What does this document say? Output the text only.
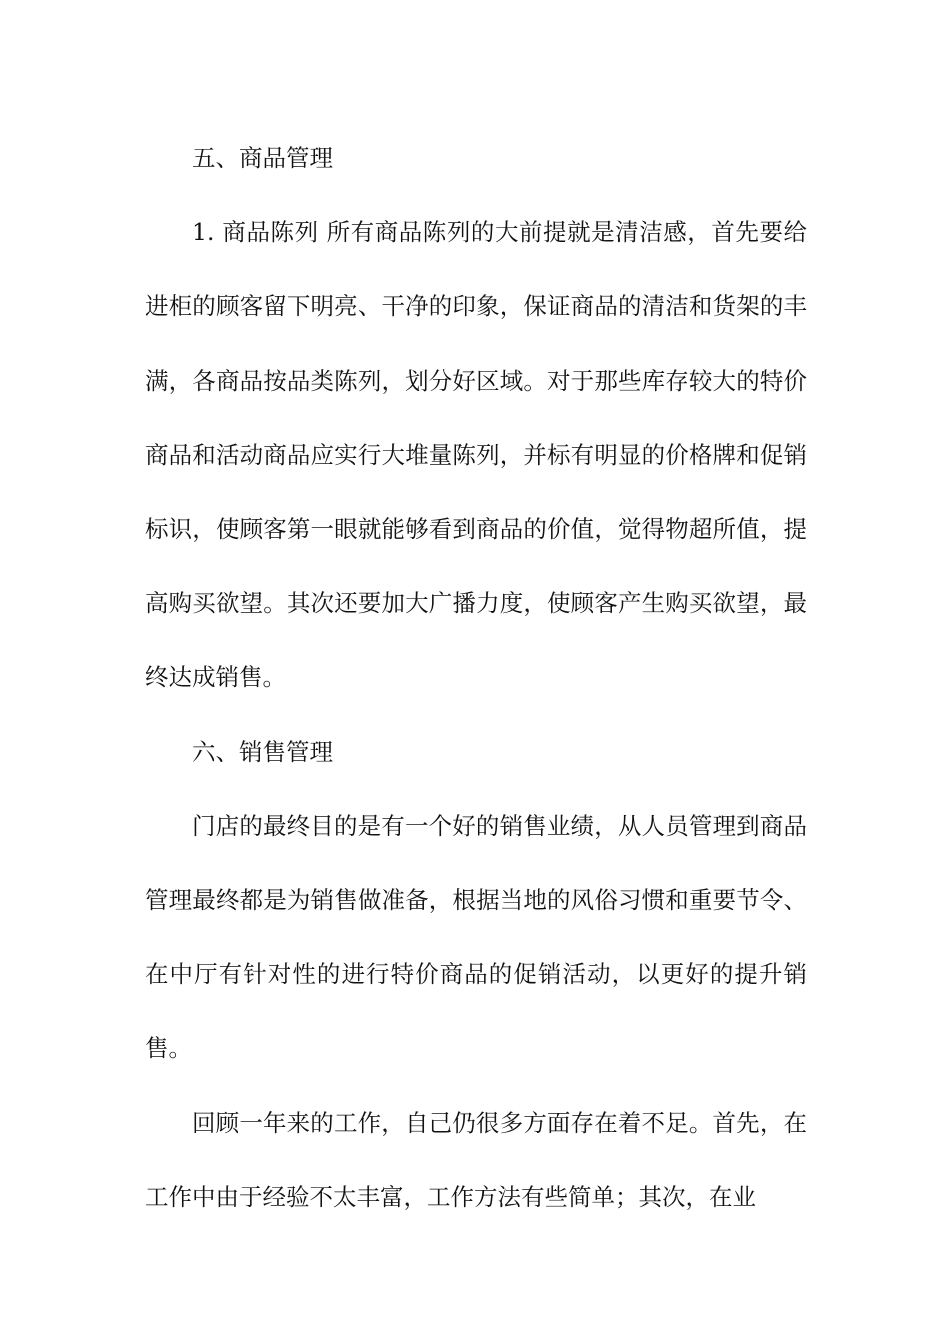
五、商品管理

1. 商品陈列 所有商品陈列的大前提就是清洁感，首先要给进柜的顾客留下明亮、干净的印象，保证商品的清洁和货架的丰满，各商品按品类陈列，划分好区域。对于那些库存较大的特价商品和活动商品应实行大堆量陈列，并标有明显的价格牌和促销标识，使顾客第一眼就能够看到商品的价值，觉得物超所值，提高购买欲望。其次还要加大广播力度，使顾客产生购买欲望，最终达成销售。

六、销售管理

门店的最终目的是有一个好的销售业绩，从人员管理到商品管理最终都是为销售做准备，根据当地的风俗习惯和重要节令、在中厅有针对性的进行特价商品的促销活动，以更好的提升销售。

回顾一年来的工作，自己仍很多方面存在着不足。首先，在工作中由于经验不太丰富，工作方法有些简单；其次，在业
